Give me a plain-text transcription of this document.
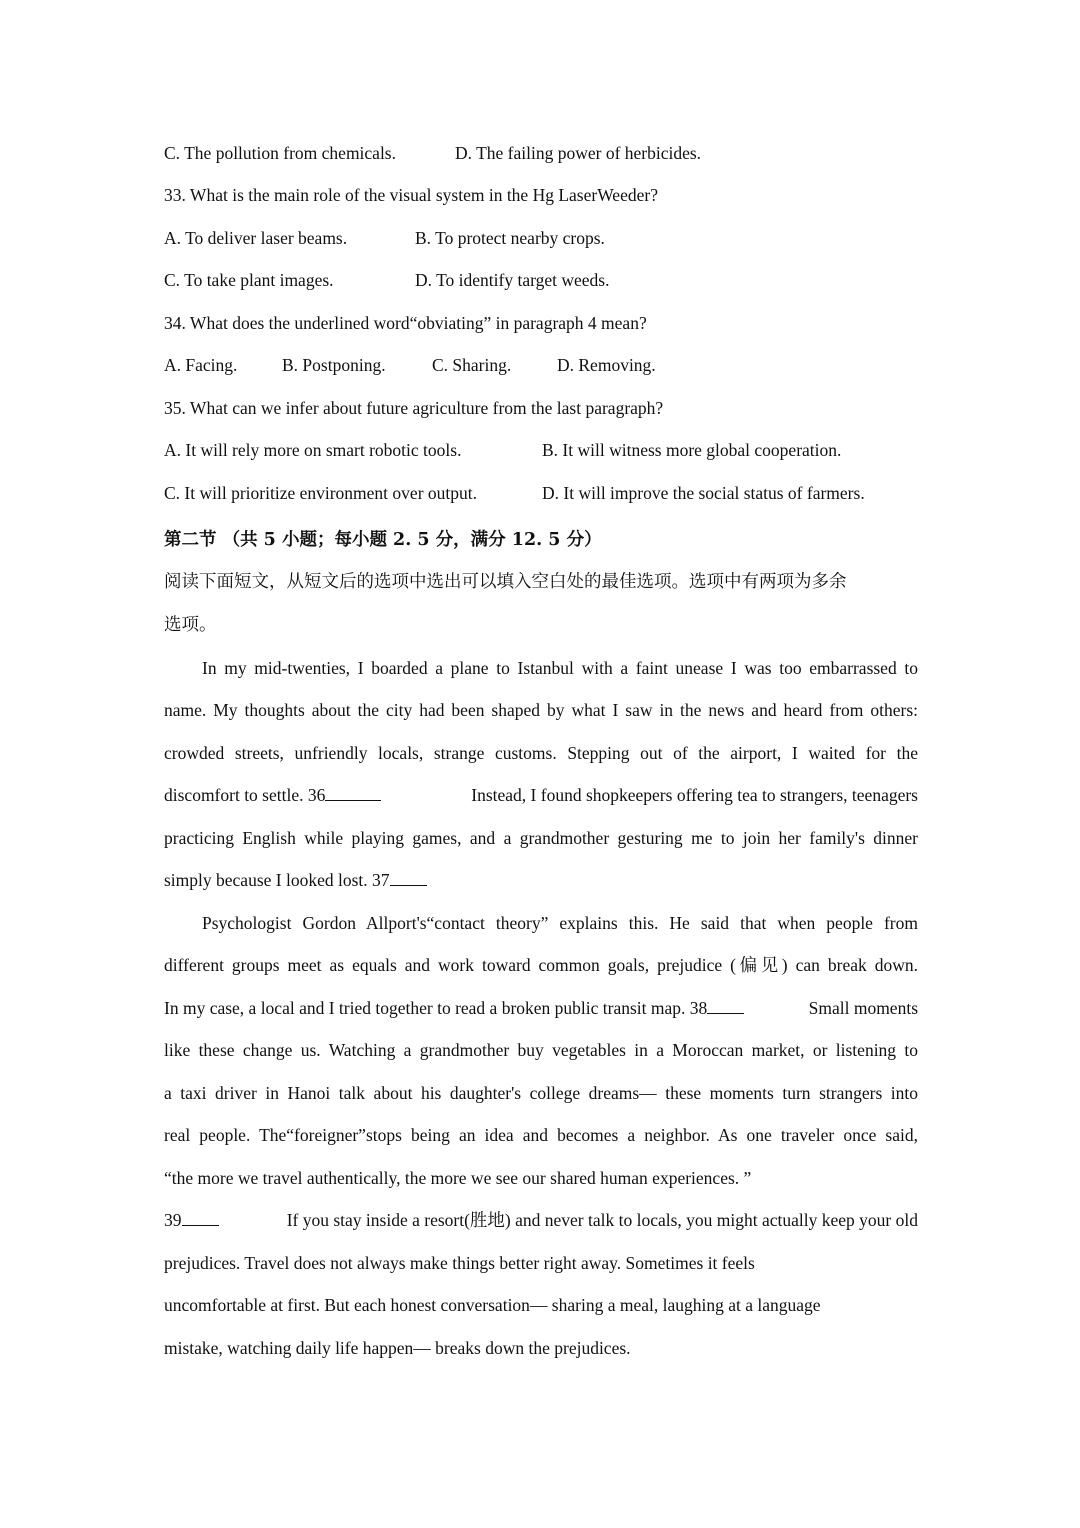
C. The pollution from chemicals.	D. The failing power of herbicides.
33. What is the main role of the visual system in the Hg LaserWeeder?
A. To deliver laser beams.	B. To protect nearby crops.
C. To take plant images.	D. To identify target weeds.
34. What does the underlined word“obviating” in paragraph 4 mean?
A. Facing.	B. Postponing.	C. Sharing.	D. Removing.
35. What can we infer about future agriculture from the last paragraph?
A. It will rely more on smart robotic tools.	B. It will witness more global cooperation.
C. It will prioritize environment over output.	D. It will improve the social status of farmers.
第二节 （共 5 小题；每小题 2. 5 分，满分 12. 5 分）
阅读下面短文，从短文后的选项中选出可以填入空白处的最佳选项。选项中有两项为多余
选项。
In my mid-twenties, I boarded a plane to Istanbul with a faint unease I was too embarrassed to
name. My thoughts about the city had been shaped by what I saw in the news and heard from others:
crowded streets, unfriendly locals, strange customs. Stepping out of the airport, I waited for the
discomfort to settle. 36	Instead, I found shopkeepers offering tea to strangers, teenagers
practicing English while playing games, and a grandmother gesturing me to join her family's dinner
simply because I looked lost. 37
Psychologist Gordon Allport's“contact theory” explains this. He said that when people from
different groups meet as equals and work toward common goals, prejudice (偏见) can break down.
In my case, a local and I tried together to read a broken public transit map. 38	Small moments
like these change us. Watching a grandmother buy vegetables in a Moroccan market, or listening to
a taxi driver in Hanoi talk about his daughter's college dreams— these moments turn strangers into
real people. The“foreigner”stops being an idea and becomes a neighbor. As one traveler once said,
“the more we travel authentically, the more we see our shared human experiences. ”
39	If you stay inside a resort(胜地) and never talk to locals, you might actually keep your old
prejudices. Travel does not always make things better right away. Sometimes it feels
uncomfortable at first. But each honest conversation— sharing a meal, laughing at a language
mistake, watching daily life happen— breaks down the prejudices.
